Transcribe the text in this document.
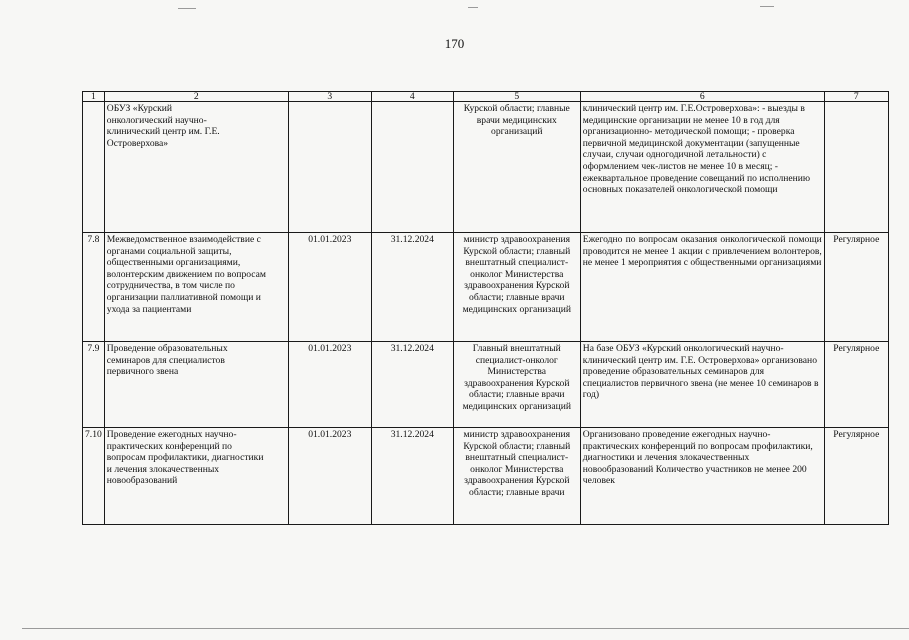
170
1	2	3	4	5	6	7
	ОБУЗ «Курский онкологический научно-клинический центр им. Г.Е. Островерхова»			Курской области; главные врачи медицинских организаций	клинический центр им. Г.Е.Островерхова»: - выезды в медицинские организации не менее 10 в год для организационно- методической помощи; - проверка первичной медицинской документации (запущенные случаи, случаи одногодичной летальности) с оформлением чек-листов не менее 10 в месяц; - ежеквартальное проведение совещаний по исполнению основных показателей онкологической помощи	
7.8	Межведомственное взаимодействие с органами социальной защиты, общественными организациями, волонтерским движением по вопросам сотрудничества, в том числе по организации паллиативной помощи и ухода за пациентами	01.01.2023	31.12.2024	министр здравоохранения Курской области; главный внештатный специалист-онколог Министерства здравоохранения Курской области; главные врачи медицинских организаций	Ежегодно по вопросам оказания онкологической помощи проводится не менее 1 акции с привлечением волонтеров, не менее 1 мероприятия с общественными организациями	Регулярное
7.9	Проведение образовательных семинаров для специалистов первичного звена	01.01.2023	31.12.2024	Главный внештатный специалист-онколог Министерства здравоохранения Курской области; главные врачи медицинских организаций	На базе ОБУЗ «Курский онкологический научно-клинический центр им. Г.Е. Островерхова» организовано проведение образовательных семинаров для специалистов первичного звена (не менее 10 семинаров в год)	Регулярное
7.10	Проведение ежегодных научно-практических конференций по вопросам профилактики, диагностики и лечения злокачественных новообразований	01.01.2023	31.12.2024	министр здравоохранения Курской области; главный внештатный специалист-онколог Министерства здравоохранения Курской области; главные врачи	Организовано проведение ежегодных научно-практических конференций по вопросам профилактики, диагностики и лечения злокачественных новообразований Количество участников не менее 200 человек	Регулярное
